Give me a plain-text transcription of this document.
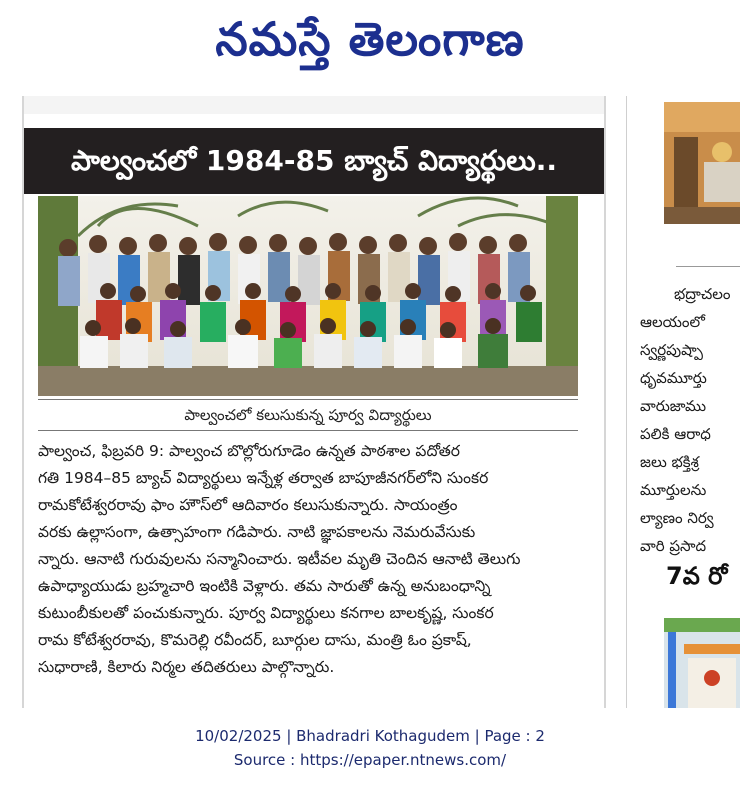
నమస్తే తెలంగాణ
పాల్వంచలో 1984-85 బ్యాచ్ విద్యార్థులు..
పాల్వంచలో కలుసుకున్న పూర్వ విద్యార్థులు
పాల్వంచ, ఫిబ్రవరి 9: పాల్వంచ బొల్లోరుగూడెం ఉన్నత పాఠశాల పదోతర
గతి 1984–85 బ్యాచ్ విద్యార్థులు ఇన్నేళ్ల తర్వాత బాపూజీనగర్‌లోని సుంకర
రామకోటేశ్వరరావు ఫాం హౌస్‌లో ఆదివారం కలుసుకున్నారు. సాయంత్రం
వరకు ఉల్లాసంగా, ఉత్సాహంగా గడిపారు. నాటి జ్ఞాపకాలను నెమరువేసుకు
న్నారు. ఆనాటి గురువులను సన్మానించారు. ఇటీవల మృతి చెందిన ఆనాటి తెలుగు
ఉపాధ్యాయుడు బ్రహ్మచారి ఇంటికి వెళ్లారు. తమ సారుతో ఉన్న అనుబంధాన్ని
కుటుంబీకులతో పంచుకున్నారు. పూర్వ విద్యార్థులు కనగాల బాలకృష్ణ, సుంకర
రామ కోటేశ్వరరావు, కొమరెల్లి రవీందర్, బూర్గుల దాసు, మంత్రి ఓం ప్రకాష్,
సుధారాణి, కిలారు నిర్మల తదితరులు పాల్గొన్నారు.
భద్రాచలం
ఆలయంలో
స్వర్ణపుష్పా
ధృవమూర్తు
వారుజాము
పలికి ఆరాధ
జలు భక్తిశ్ర
మూర్తులను
ల్యాణం నిర్వ
వారి ప్రసాద
7వ రో
10/02/2025 | Bhadradri Kothagudem | Page : 2
Source : https://epaper.ntnews.com/
